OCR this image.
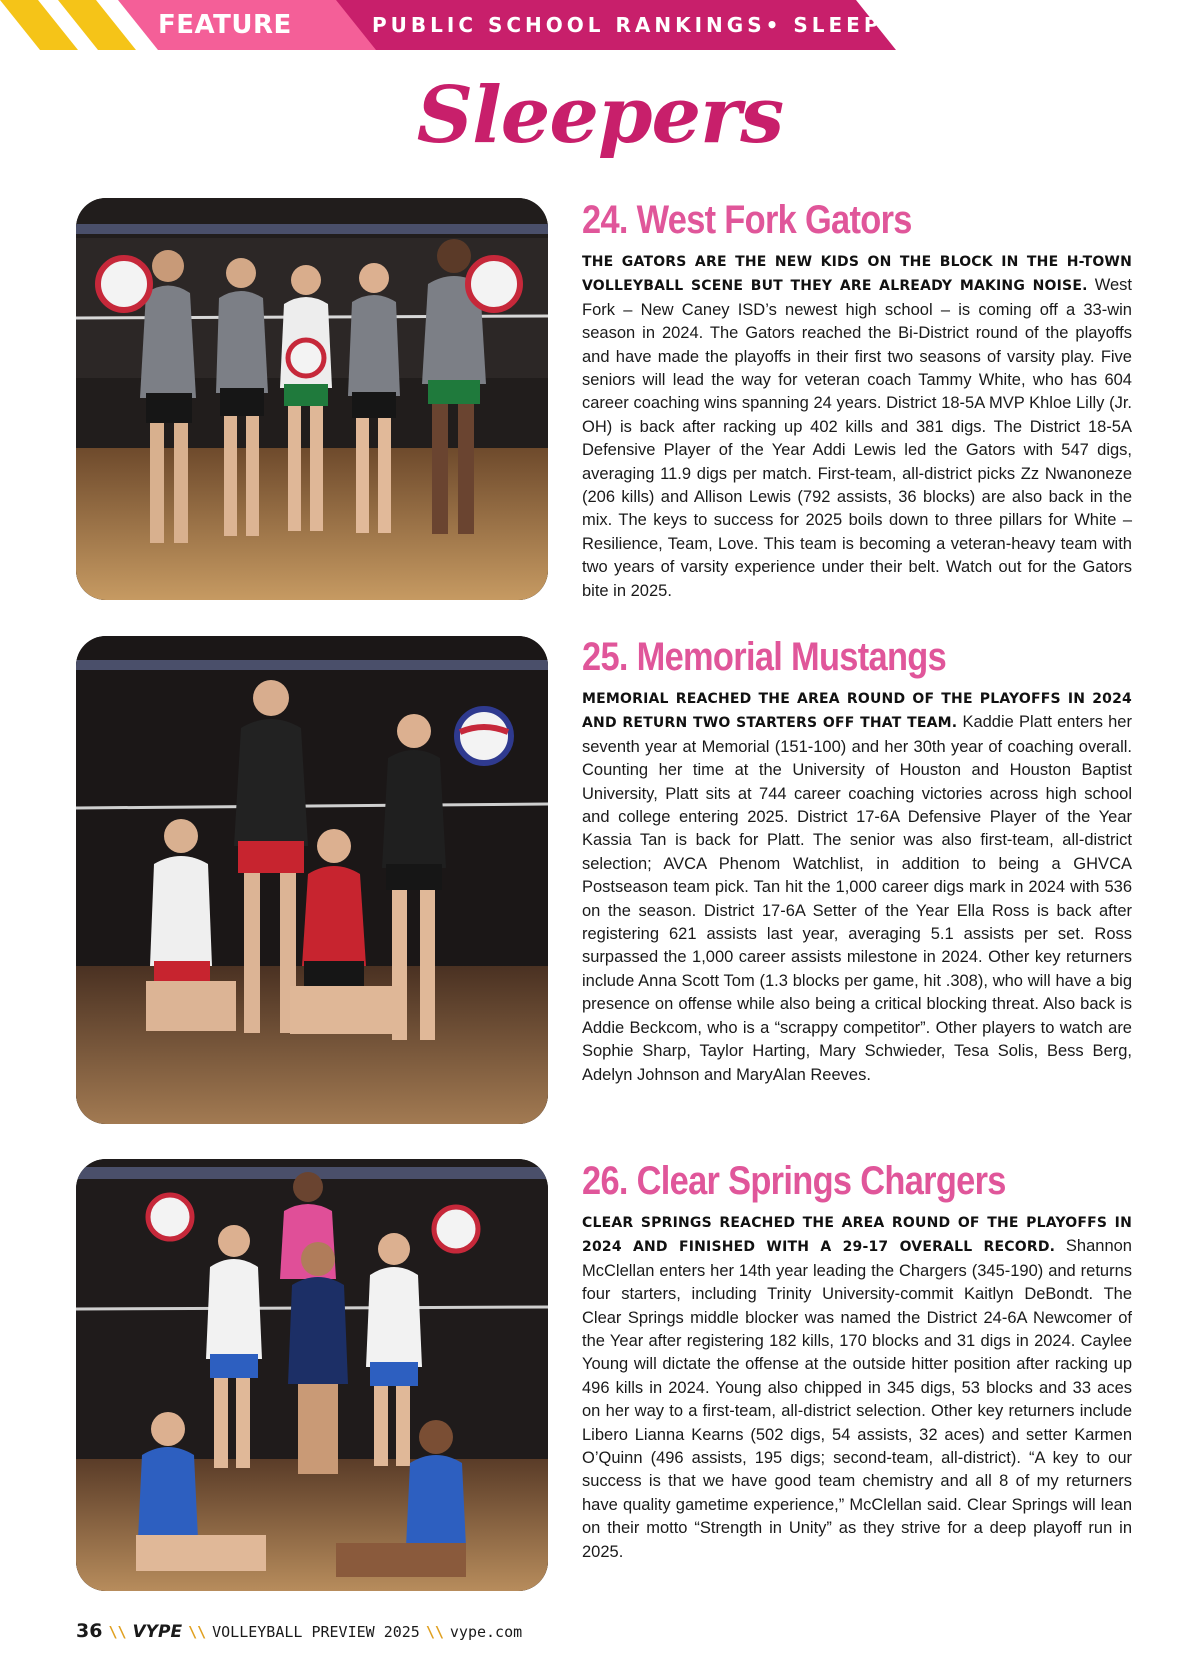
FEATURE	PUBLIC SCHOOL RANKINGS• SLEEPERS
Sleepers
24. West Fork Gators

THE GATORS ARE THE NEW KIDS ON THE BLOCK IN THE H-TOWN VOLLEYBALL SCENE BUT THEY ARE ALREADY MAKING NOISE. West Fork – New Caney ISD’s newest high school – is coming off a 33-win season in 2024. The Gators reached the Bi-District round of the playoffs and have made the playoffs in their first two seasons of varsity play. Five seniors will lead the way for veteran coach Tammy White, who has 604 career coaching wins spanning 24 years. District 18-5A MVP Khloe Lilly (Jr. OH) is back after racking up 402 kills and 381 digs. The District 18-5A Defensive Player of the Year Addi Lewis led the Gators with 547 digs, averaging 11.9 digs per match. First-team, all-district picks Zz Nwanoneze (206 kills) and Allison Lewis (792 assists, 36 blocks) are also back in the mix. The keys to success for 2025 boils down to three pillars for White – Resilience, Team, Love. This team is becoming a veteran-heavy team with two years of varsity experience under their belt. Watch out for the Gators bite in 2025.

25. Memorial Mustangs

MEMORIAL REACHED THE AREA ROUND OF THE PLAYOFFS IN 2024 AND RETURN TWO STARTERS OFF THAT TEAM. Kaddie Platt enters her seventh year at Memorial (151-100) and her 30th year of coaching overall. Counting her time at the University of Houston and Houston Baptist University, Platt sits at 744 career coaching victories across high school and college entering 2025. District 17-6A Defensive Player of the Year Kassia Tan is back for Platt. The senior was also first-team, all-district selection; AVCA Phenom Watchlist, in addition to being a GHVCA Postseason team pick. Tan hit the 1,000 career digs mark in 2024 with 536 on the season. District 17-6A Setter of the Year Ella Ross is back after registering 621 assists last year, averaging 5.1 assists per set. Ross surpassed the 1,000 career assists milestone in 2024. Other key returners include Anna Scott Tom (1.3 blocks per game, hit .308), who will have a big presence on offense while also being a critical blocking threat. Also back is Addie Beckcom, who is a “scrappy competitor”. Other players to watch are Sophie Sharp, Taylor Harting, Mary Schwieder, Tesa Solis, Bess Berg, Adelyn Johnson and MaryAlan Reeves.

26. Clear Springs Chargers

CLEAR SPRINGS REACHED THE AREA ROUND OF THE PLAYOFFS IN 2024 AND FINISHED WITH A 29-17 OVERALL RECORD. Shannon McClellan enters her 14th year leading the Chargers (345-190) and returns four starters, including Trinity University-commit Kaitlyn DeBondt. The Clear Springs middle blocker was named the District 24-6A Newcomer of the Year after registering 182 kills, 170 blocks and 31 digs in 2024. Caylee Young will dictate the offense at the outside hitter position after racking up 496 kills in 2024. Young also chipped in 345 digs, 53 blocks and 33 aces on her way to a first-team, all-district selection. Other key returners include Libero Lianna Kearns (502 digs, 54 assists, 32 aces) and setter Karmen O’Quinn (496 assists, 195 digs; second-team, all-district). “A key to our success is that we have good team chemistry and all 8 of my returners have quality gametime experience,” McClellan said. Clear Springs will lean on their motto “Strength in Unity” as they strive for a deep playoff run in 2025.

36 \\ VYPE \\ VOLLEYBALL PREVIEW 2025 \\ vype.com
